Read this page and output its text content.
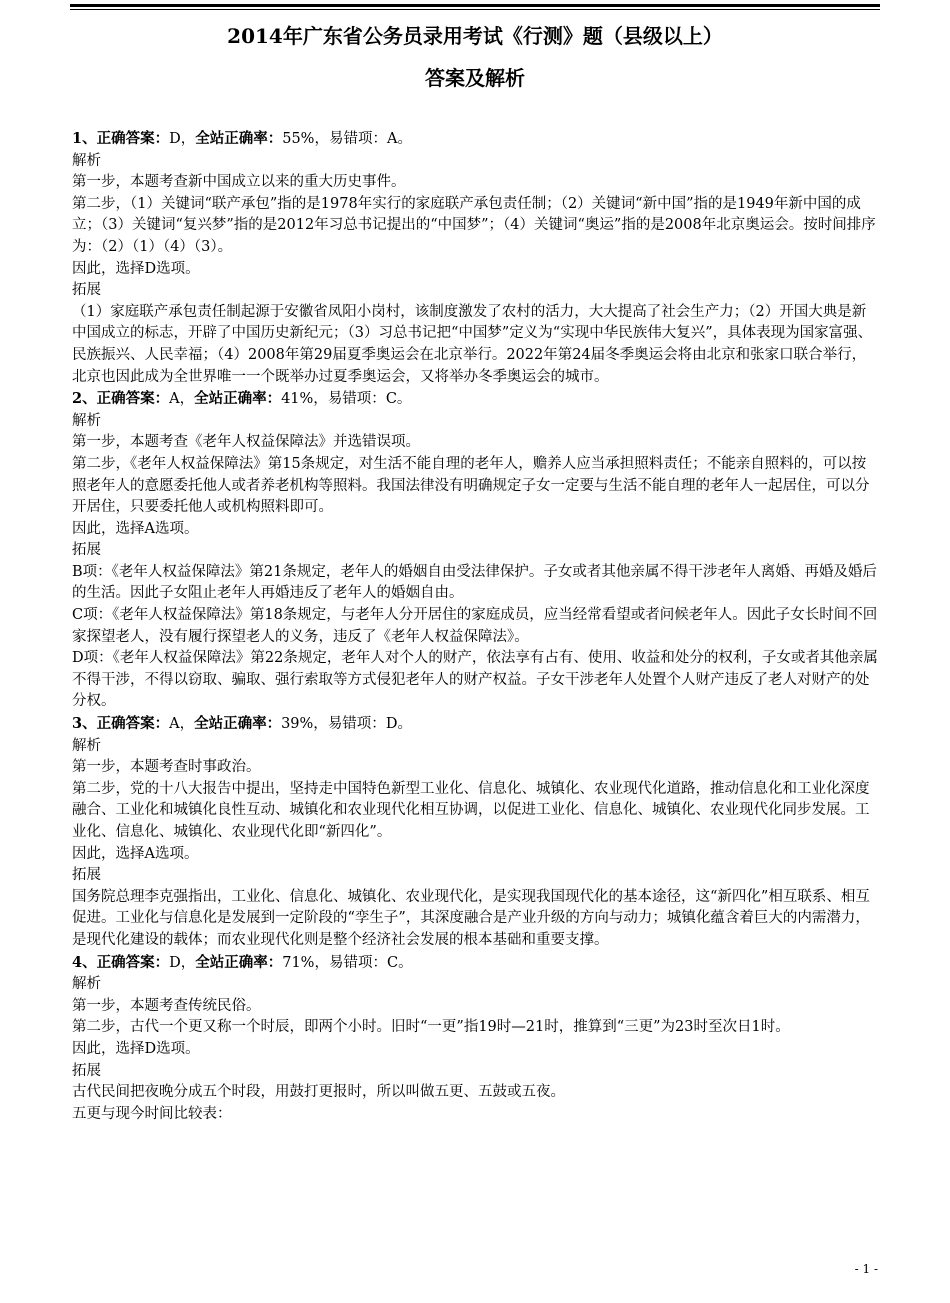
2014年广东省公务员录用考试《行测》题（县级以上）
答案及解析

1、正确答案：D，全站正确率：55%，易错项：A。

解析

第一步，本题考查新中国成立以来的重大历史事件。

第二步，（1）关键词“联产承包”指的是1978年实行的家庭联产承包责任制；（2）关键词“新中国”指的是1949年新中国的成立；（3）关键词“复兴梦”指的是2012年习总书记提出的“中国梦”；（4）关键词“奥运”指的是2008年北京奥运会。按时间排序为：（2）（1）（4）（3）。

因此，选择D选项。

拓展

（1）家庭联产承包责任制起源于安徽省凤阳小岗村，该制度激发了农村的活力，大大提高了社会生产力；（2）开国大典是新中国成立的标志，开辟了中国历史新纪元；（3）习总书记把“中国梦”定义为“实现中华民族伟大复兴”，具体表现为国家富强、民族振兴、人民幸福；（4）2008年第29届夏季奥运会在北京举行。2022年第24届冬季奥运会将由北京和张家口联合举行，北京也因此成为全世界唯一一个既举办过夏季奥运会，又将举办冬季奥运会的城市。

2、正确答案：A，全站正确率：41%，易错项：C。

解析

第一步，本题考查《老年人权益保障法》并选错误项。

第二步，《老年人权益保障法》第15条规定，对生活不能自理的老年人，赡养人应当承担照料责任；不能亲自照料的，可以按照老年人的意愿委托他人或者养老机构等照料。我国法律没有明确规定子女一定要与生活不能自理的老年人一起居住，可以分开居住，只要委托他人或机构照料即可。

因此，选择A选项。

拓展

B项：《老年人权益保障法》第21条规定，老年人的婚姻自由受法律保护。子女或者其他亲属不得干涉老年人离婚、再婚及婚后的生活。因此子女阻止老年人再婚违反了老年人的婚姻自由。

C项：《老年人权益保障法》第18条规定，与老年人分开居住的家庭成员，应当经常看望或者问候老年人。因此子女长时间不回家探望老人，没有履行探望老人的义务，违反了《老年人权益保障法》。

D项：《老年人权益保障法》第22条规定，老年人对个人的财产，依法享有占有、使用、收益和处分的权利，子女或者其他亲属不得干涉，不得以窃取、骗取、强行索取等方式侵犯老年人的财产权益。子女干涉老年人处置个人财产违反了老人对财产的处分权。

3、正确答案：A，全站正确率：39%，易错项：D。

解析

第一步，本题考查时事政治。

第二步，党的十八大报告中提出，坚持走中国特色新型工业化、信息化、城镇化、农业现代化道路，推动信息化和工业化深度融合、工业化和城镇化良性互动、城镇化和农业现代化相互协调，以促进工业化、信息化、城镇化、农业现代化同步发展。工业化、信息化、城镇化、农业现代化即“新四化”。

因此，选择A选项。

拓展

国务院总理李克强指出，工业化、信息化、城镇化、农业现代化，是实现我国现代化的基本途径，这“新四化”相互联系、相互促进。工业化与信息化是发展到一定阶段的“孪生子”，其深度融合是产业升级的方向与动力；城镇化蕴含着巨大的内需潜力，是现代化建设的载体；而农业现代化则是整个经济社会发展的根本基础和重要支撑。

4、正确答案：D，全站正确率：71%，易错项：C。

解析

第一步，本题考查传统民俗。

第二步，古代一个更又称一个时辰，即两个小时。旧时“一更”指19时—21时，推算到“三更”为23时至次日1时。

因此，选择D选项。

拓展

古代民间把夜晚分成五个时段，用鼓打更报时，所以叫做五更、五鼓或五夜。

五更与现今时间比较表：

- 1 -
